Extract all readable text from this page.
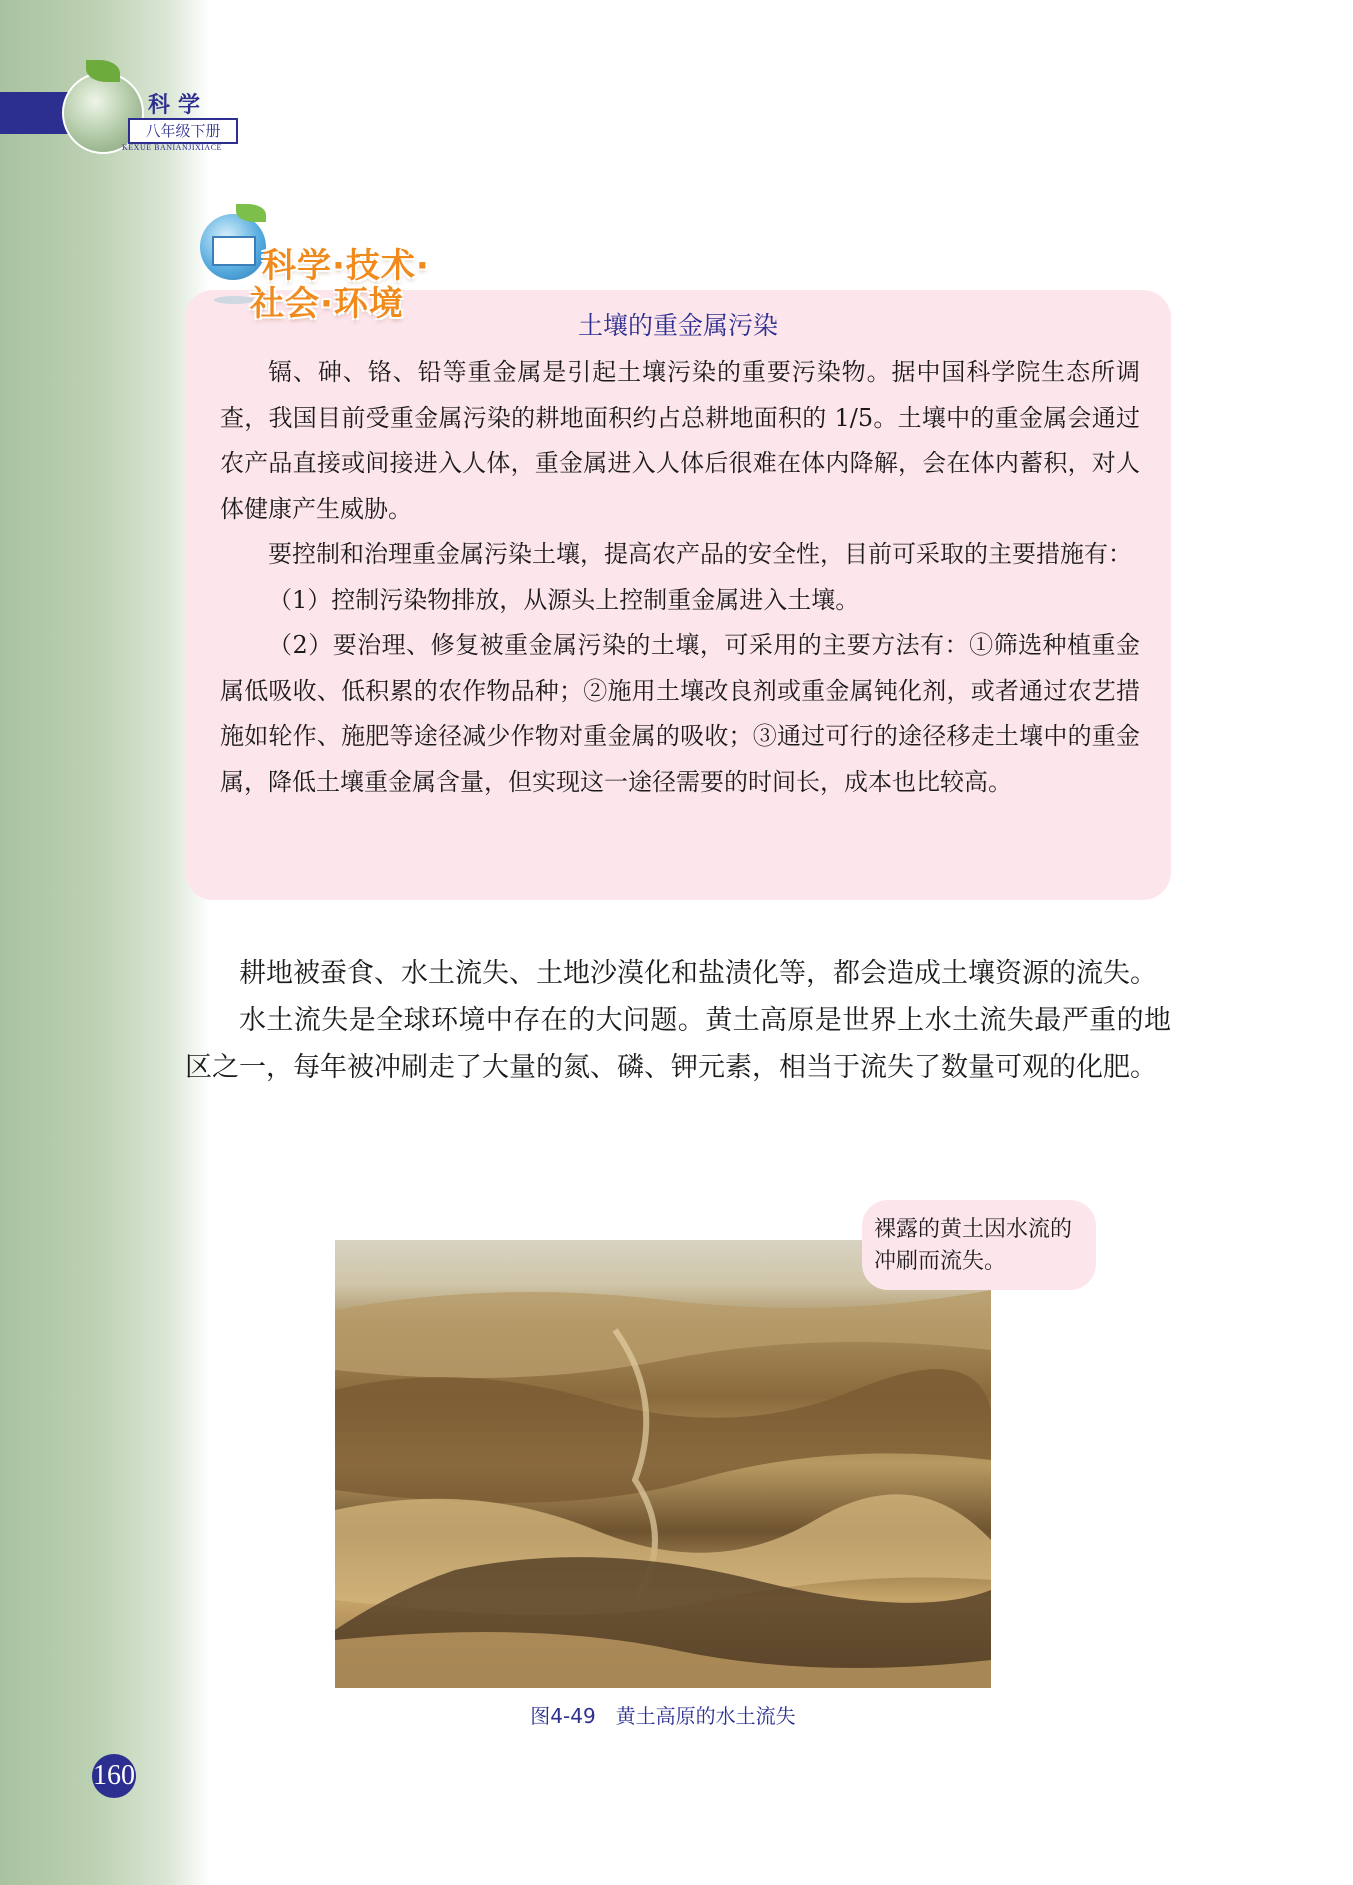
科学
八年级下册
KEXUE BANIANJIXIACE
科学·技术·
社会·环境
土壤的重金属污染

镉、砷、铬、铅等重金属是引起土壤污染的重要污染物。据中国科学院生态所调查，我国目前受重金属污染的耕地面积约占总耕地面积的 1/5。土壤中的重金属会通过农产品直接或间接进入人体，重金属进入人体后很难在体内降解，会在体内蓄积，对人体健康产生威胁。

要控制和治理重金属污染土壤，提高农产品的安全性，目前可采取的主要措施有：

（1）控制污染物排放，从源头上控制重金属进入土壤。

（2）要治理、修复被重金属污染的土壤，可采用的主要方法有：①筛选种植重金属低吸收、低积累的农作物品种；②施用土壤改良剂或重金属钝化剂，或者通过农艺措施如轮作、施肥等途径减少作物对重金属的吸收；③通过可行的途径移走土壤中的重金属，降低土壤重金属含量，但实现这一途径需要的时间长，成本也比较高。

耕地被蚕食、水土流失、土地沙漠化和盐渍化等，都会造成土壤资源的流失。

水土流失是全球环境中存在的大问题。黄土高原是世界上水土流失最严重的地区之一，每年被冲刷走了大量的氮、磷、钾元素，相当于流失了数量可观的化肥。

裸露的黄土因水流的冲刷而流失。
图4-49　黄土高原的水土流失
160
